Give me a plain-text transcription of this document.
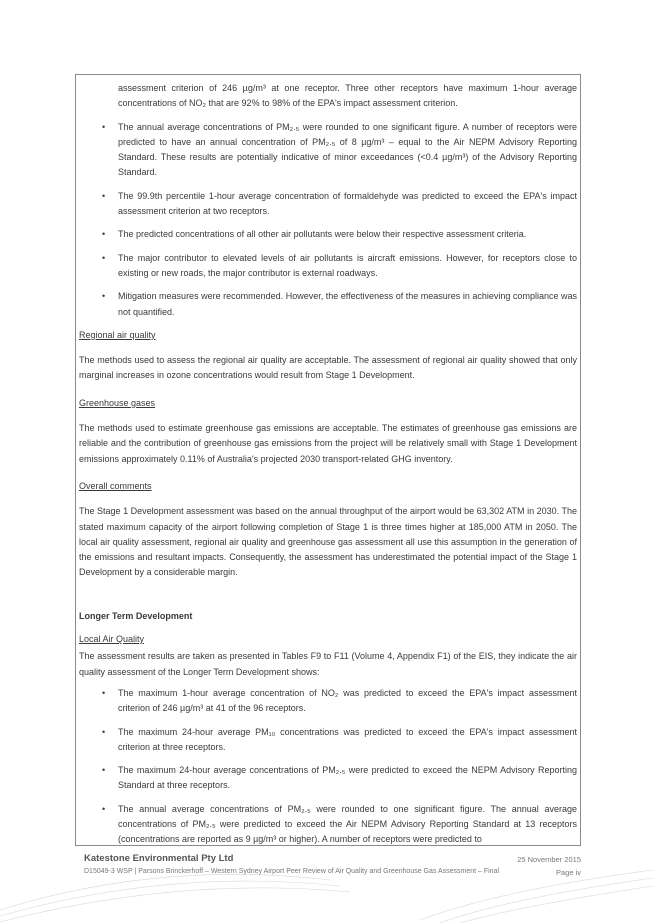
assessment criterion of 246 µg/m³ at one receptor. Three other receptors have maximum 1-hour average concentrations of NO₂ that are 92% to 98% of the EPA's impact assessment criterion.

• The annual average concentrations of PM₂.₅ were rounded to one significant figure. A number of receptors were predicted to have an annual concentration of PM₂.₅ of 8 µg/m³ – equal to the Air NEPM Advisory Reporting Standard. These results are potentially indicative of minor exceedances (<0.4 µg/m³) of the Advisory Reporting Standard.

• The 99.9th percentile 1-hour average concentration of formaldehyde was predicted to exceed the EPA's impact assessment criterion at two receptors.

• The predicted concentrations of all other air pollutants were below their respective assessment criteria.

• The major contributor to elevated levels of air pollutants is aircraft emissions. However, for receptors close to existing or new roads, the major contributor is external roadways.

• Mitigation measures were recommended. However, the effectiveness of the measures in achieving compliance was not quantified.

Regional air quality

The methods used to assess the regional air quality are acceptable. The assessment of regional air quality showed that only marginal increases in ozone concentrations would result from Stage 1 Development.

Greenhouse gases

The methods used to estimate greenhouse gas emissions are acceptable. The estimates of greenhouse gas emissions are reliable and the contribution of greenhouse gas emissions from the project will be relatively small with Stage 1 Development emissions approximately 0.11% of Australia's projected 2030 transport-related GHG inventory.

Overall comments

The Stage 1 Development assessment was based on the annual throughput of the airport would be 63,302 ATM in 2030. The stated maximum capacity of the airport following completion of Stage 1 is three times higher at 185,000 ATM in 2050. The local air quality assessment, regional air quality and greenhouse gas assessment all use this assumption in the generation of the emissions and resultant impacts. Consequently, the assessment has underestimated the potential impact of the Stage 1 Development by a considerable margin.

Longer Term Development

Local Air Quality

The assessment results are taken as presented in Tables F9 to F11 (Volume 4, Appendix F1) of the EIS, they indicate the air quality assessment of the Longer Term Development shows:

• The maximum 1-hour average concentration of NO₂ was predicted to exceed the EPA's impact assessment criterion of 246 µg/m³ at 41 of the 96 receptors.

• The maximum 24-hour average PM₁₀ concentrations was predicted to exceed the EPA's impact assessment criterion at three receptors.

• The maximum 24-hour average concentrations of PM₂.₅ were predicted to exceed the NEPM Advisory Reporting Standard at three receptors.

• The annual average concentrations of PM₂.₅ were rounded to one significant figure. The annual average concentrations of PM₂.₅ were predicted to exceed the Air NEPM Advisory Reporting Standard at 13 receptors (concentrations are reported as 9 µg/m³ or higher). A number of receptors were predicted to

Katestone Environmental Pty Ltd
D15049-3 WSP | Parsons Brinckerhoff – Western Sydney Airport Peer Review of Air Quality and Greenhouse Gas Assessment – Final
25 November 2015
Page iv
